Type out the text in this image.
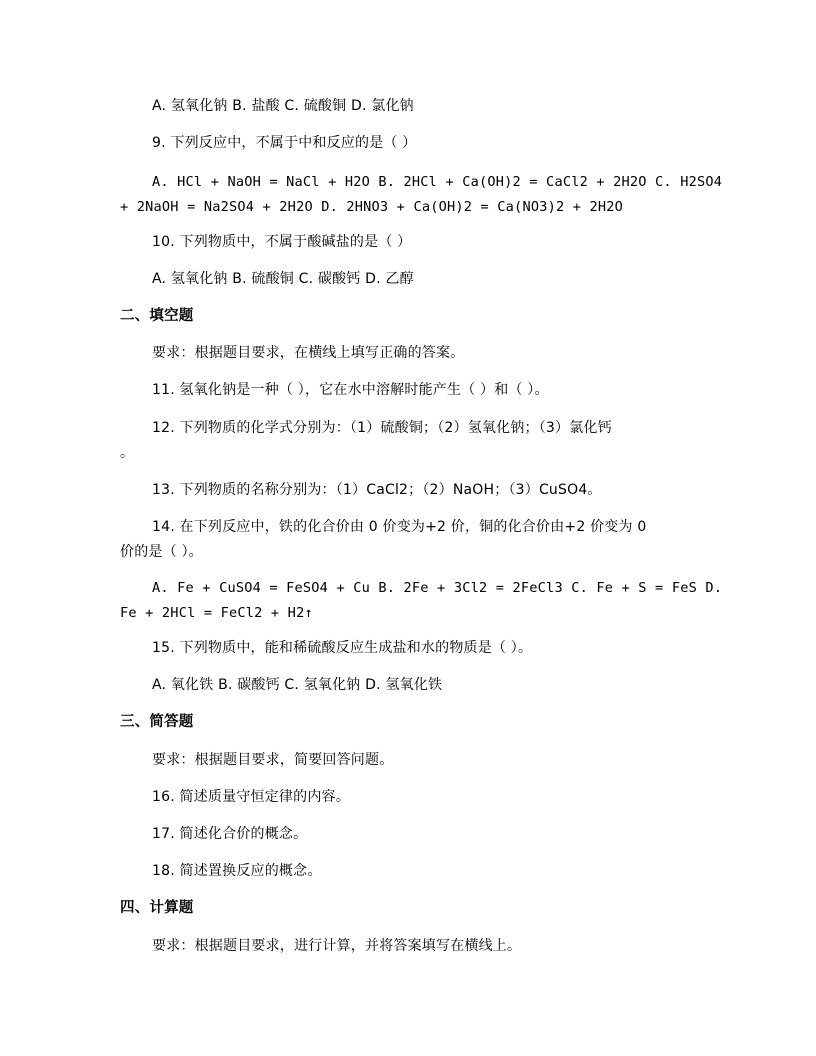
A. 氢氧化钠 B. 盐酸 C. 硫酸铜 D. 氯化钠
9. 下列反应中，不属于中和反应的是（ ）
A. HCl + NaOH = NaCl + H2O B. 2HCl + Ca(OH)2 = CaCl2 + 2H2O C. H2SO4
+ 2NaOH = Na2SO4 + 2H2O D. 2HNO3 + Ca(OH)2 = Ca(NO3)2 + 2H2O
10. 下列物质中，不属于酸碱盐的是（ ）
A. 氢氧化钠 B. 硫酸铜 C. 碳酸钙 D. 乙醇
二、填空题
要求：根据题目要求，在横线上填写正确的答案。
11. 氢氧化钠是一种（ ），它在水中溶解时能产生（ ）和（ ）。
12. 下列物质的化学式分别为：（1）硫酸铜；（2）氢氧化钠；（3）氯化钙
。
13. 下列物质的名称分别为：（1）CaCl2；（2）NaOH；（3）CuSO4。
14. 在下列反应中，铁的化合价由 0 价变为+2 价，铜的化合价由+2 价变为 0
价的是（ ）。
A. Fe + CuSO4 = FeSO4 + Cu B. 2Fe + 3Cl2 = 2FeCl3 C. Fe + S = FeS D.
Fe + 2HCl = FeCl2 + H2↑
15. 下列物质中，能和稀硫酸反应生成盐和水的物质是（ ）。
A. 氧化铁 B. 碳酸钙 C. 氢氧化钠 D. 氢氧化铁
三、简答题
要求：根据题目要求，简要回答问题。
16. 简述质量守恒定律的内容。
17. 简述化合价的概念。
18. 简述置换反应的概念。
四、计算题
要求：根据题目要求，进行计算，并将答案填写在横线上。
